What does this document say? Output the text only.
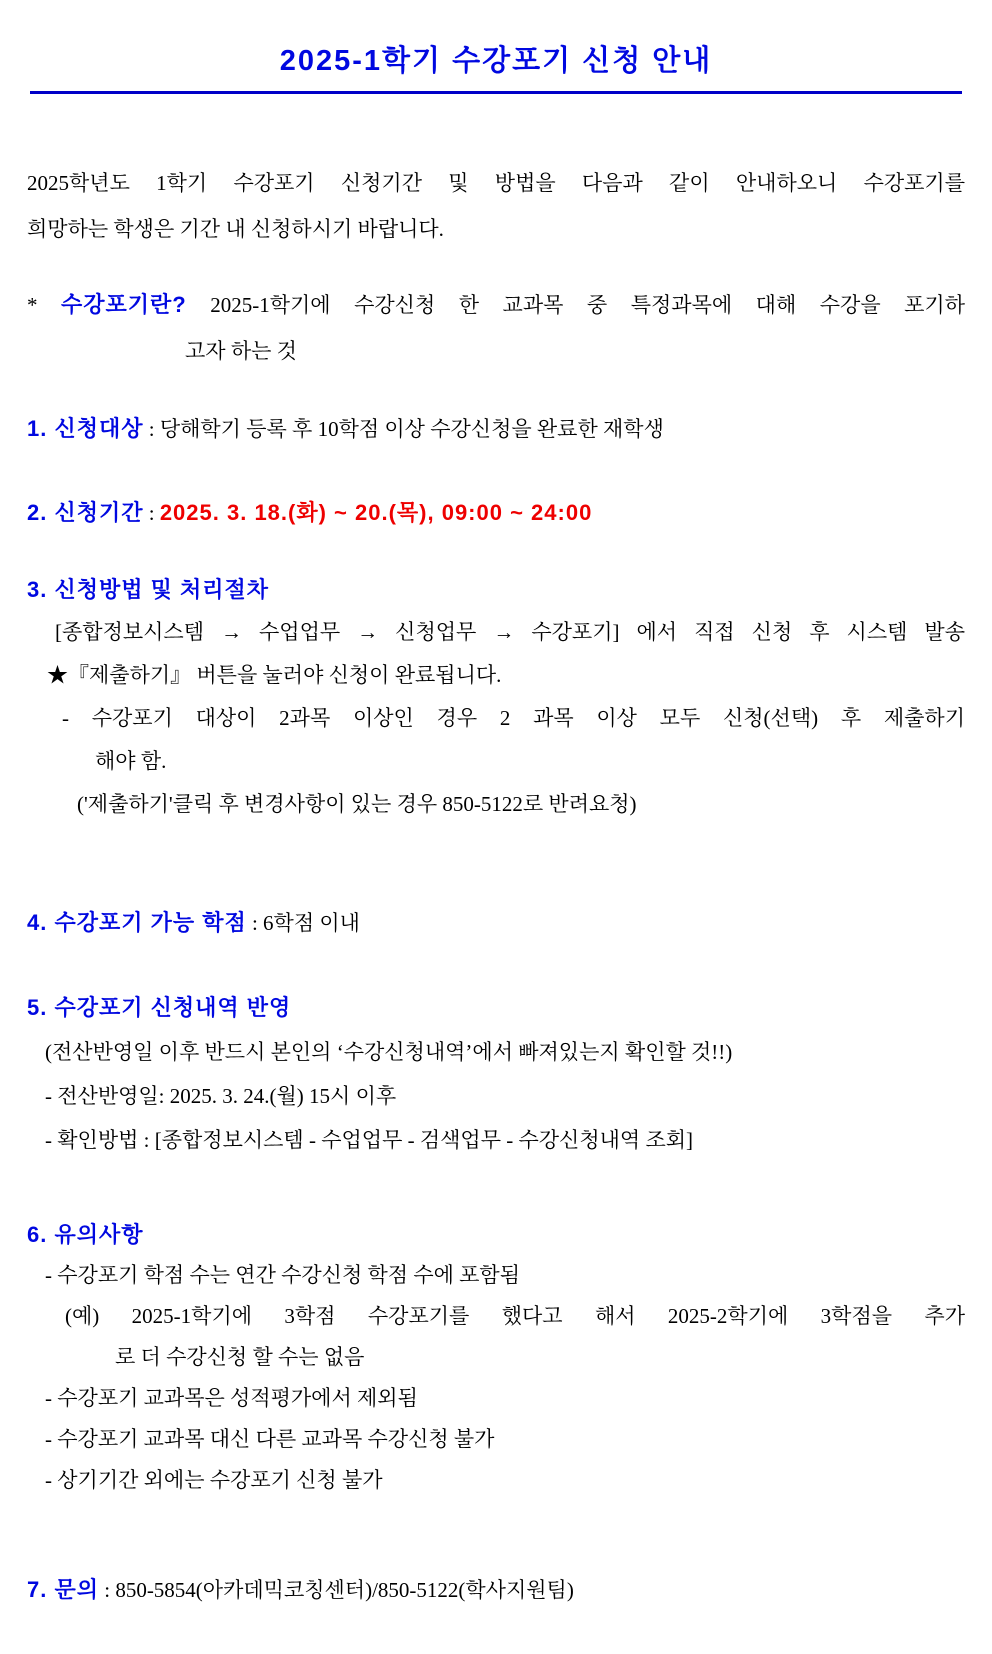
2025-1학기 수강포기 신청 안내
2025학년도 1학기 수강포기 신청기간 및 방법을 다음과 같이 안내하오니 수강포기를
희망하는 학생은 기간 내 신청하시기 바랍니다.
* 수강포기란? 2025-1학기에 수강신청 한 교과목 중 특정과목에 대해 수강을 포기하
고자 하는 것
1. 신청대상 : 당해학기 등록 후 10학점 이상 수강신청을 완료한 재학생
2. 신청기간 : 2025. 3. 18.(화) ~ 20.(목), 09:00 ~ 24:00
3. 신청방법 및 처리절차
[종합정보시스템 → 수업업무 → 신청업무 → 수강포기] 에서 직접 신청 후 시스템 발송
★『제출하기』 버튼을 눌러야 신청이 완료됩니다.
- 수강포기 대상이 2과목 이상인 경우 2 과목 이상 모두 신청(선택) 후 제출하기
해야 함.
('제출하기'클릭 후 변경사항이 있는 경우 850-5122로 반려요청)
4. 수강포기 가능 학점 : 6학점 이내
5. 수강포기 신청내역 반영
(전산반영일 이후 반드시 본인의 ‘수강신청내역’에서 빠져있는지 확인할 것!!)
- 전산반영일: 2025. 3. 24.(월) 15시 이후
- 확인방법 : [종합정보시스템 - 수업업무 - 검색업무 - 수강신청내역 조회]
6. 유의사항
- 수강포기 학점 수는 연간 수강신청 학점 수에 포함됨
(예) 2025-1학기에 3학점 수강포기를 했다고 해서 2025-2학기에 3학점을 추가
로 더 수강신청 할 수는 없음
- 수강포기 교과목은 성적평가에서 제외됨
- 수강포기 교과목 대신 다른 교과목 수강신청 불가
- 상기기간 외에는 수강포기 신청 불가
7. 문의 : 850-5854(아카데믹코칭센터)/850-5122(학사지원팀)
